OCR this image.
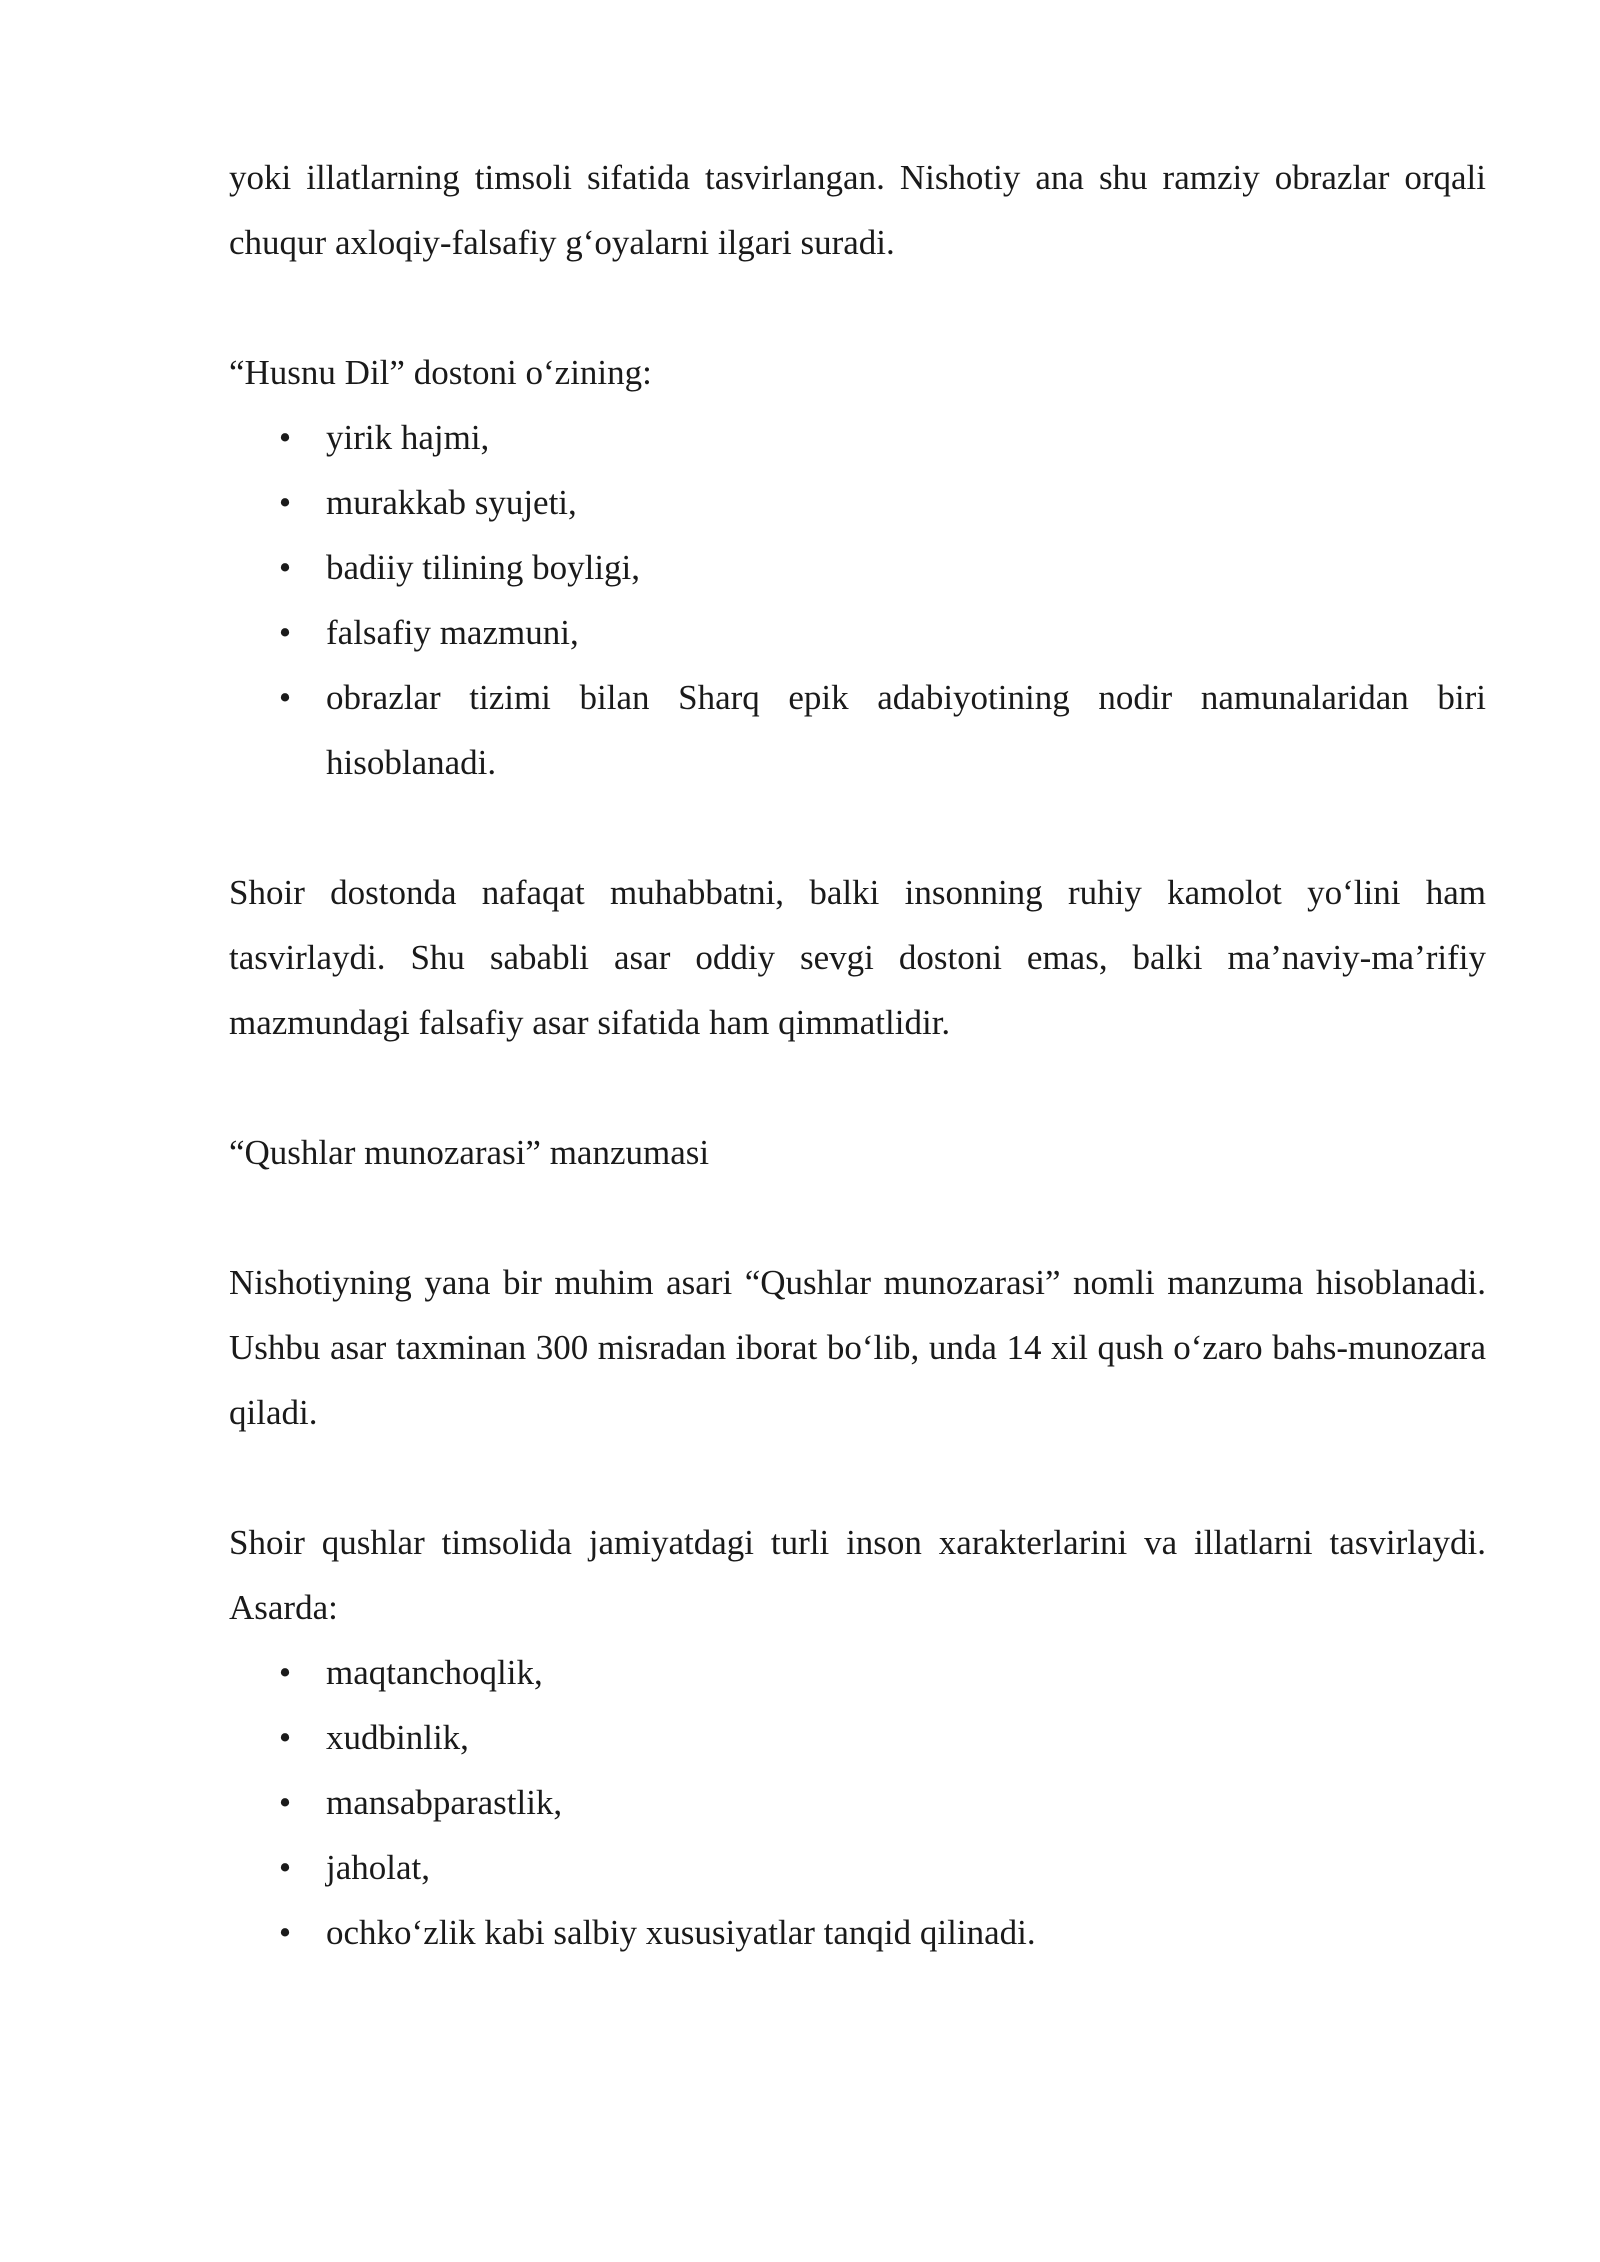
yoki illatlarning timsoli sifatida tasvirlangan. Nishotiy ana shu ramziy obrazlar orqali chuqur axloqiy-falsafiy g‘oyalarni ilgari suradi.

“Husnu Dil” dostoni o‘zining:

• yirik hajmi,
• murakkab syujeti,
• badiiy tilining boyligi,
• falsafiy mazmuni,
• obrazlar tizimi bilan Sharq epik adabiyotining nodir namunalaridan biri hisoblanadi.

Shoir dostonda nafaqat muhabbatni, balki insonning ruhiy kamolot yo‘lini ham tasvirlaydi. Shu sababli asar oddiy sevgi dostoni emas, balki ma’naviy-ma’rifiy mazmundagi falsafiy asar sifatida ham qimmatlidir.

“Qushlar munozarasi” manzumasi

Nishotiyning yana bir muhim asari “Qushlar munozarasi” nomli manzuma hisoblanadi. Ushbu asar taxminan 300 misradan iborat bo‘lib, unda 14 xil qush o‘zaro bahs-munozara qiladi.

Shoir qushlar timsolida jamiyatdagi turli inson xarakterlarini va illatlarni tasvirlaydi. Asarda:

• maqtanchoqlik,
• xudbinlik,
• mansabparastlik,
• jaholat,
• ochko‘zlik kabi salbiy xususiyatlar tanqid qilinadi.
